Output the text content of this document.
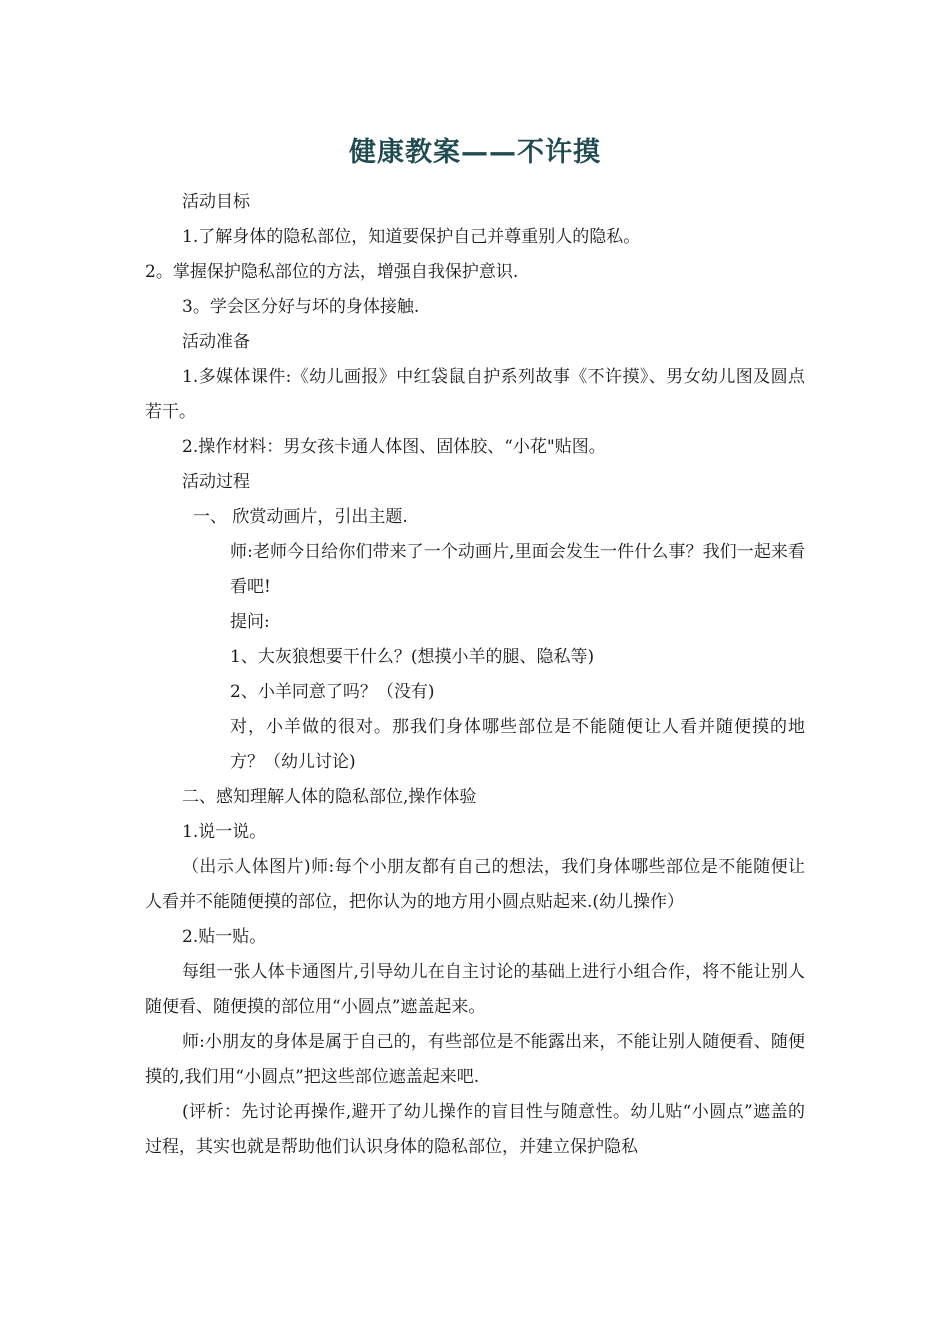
健康教案——不许摸

活动目标

1.了解身体的隐私部位，知道要保护自己并尊重别人的隐私。

2。掌握保护隐私部位的方法，增强自我保护意识.

3。学会区分好与坏的身体接触.

活动准备

1.多媒体课件:《幼儿画报》中红袋鼠自护系列故事《不许摸》、男女幼儿图及圆点若干。

2.操作材料：男女孩卡通人体图、固体胶、“小花"贴图。

活动过程

一、 欣赏动画片，引出主题.

师:老师今日给你们带来了一个动画片,里面会发生一件什么事？我们一起来看看吧!

提问:

1、大灰狼想要干什么？(想摸小羊的腿、隐私等)

2、小羊同意了吗？（没有)

对，小羊做的很对。那我们身体哪些部位是不能随便让人看并随便摸的地方？（幼儿讨论)

二、感知理解人体的隐私部位,操作体验

1.说一说。

（出示人体图片)师:每个小朋友都有自己的想法，我们身体哪些部位是不能随便让人看并不能随便摸的部位，把你认为的地方用小圆点贴起来.(幼儿操作）

2.贴一贴。

每组一张人体卡通图片,引导幼儿在自主讨论的基础上进行小组合作，将不能让别人随便看、随便摸的部位用“小圆点”遮盖起来。

师:小朋友的身体是属于自己的，有些部位是不能露出来，不能让别人随便看、随便摸的,我们用“小圆点”把这些部位遮盖起来吧.

(评析：先讨论再操作,避开了幼儿操作的盲目性与随意性。幼儿贴“小圆点”遮盖的过程，其实也就是帮助他们认识身体的隐私部位，并建立保护隐私
